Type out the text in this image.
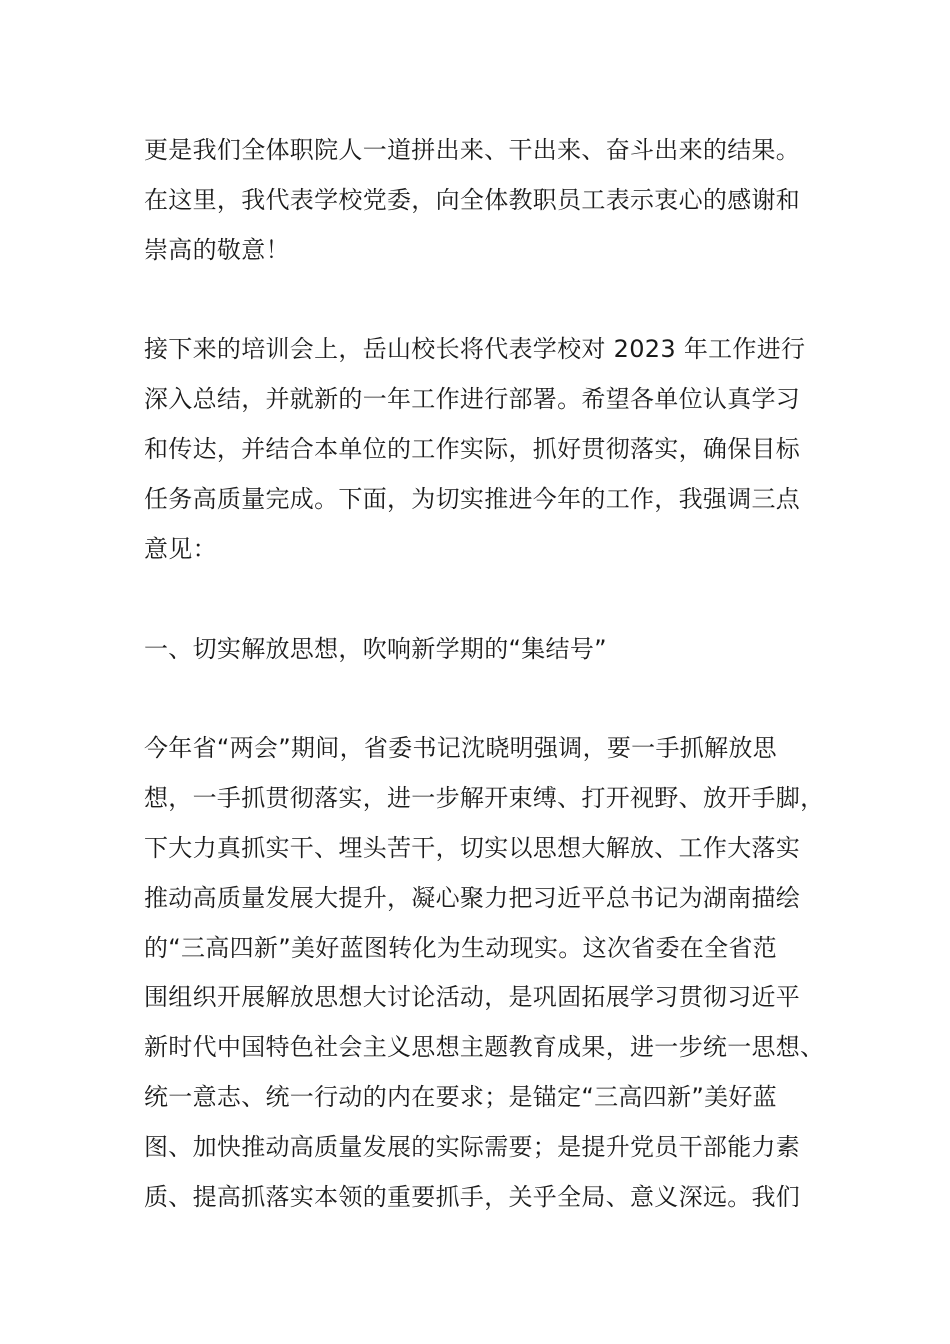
更是我们全体职院人一道拼出来、干出来、奋斗出来的结果。
在这里，我代表学校党委，向全体教职员工表示衷心的感谢和
崇高的敬意！
接下来的培训会上，岳山校长将代表学校对 2023 年工作进行
深入总结，并就新的一年工作进行部署。希望各单位认真学习
和传达，并结合本单位的工作实际，抓好贯彻落实，确保目标
任务高质量完成。下面，为切实推进今年的工作，我强调三点
意见：
一、切实解放思想，吹响新学期的“集结号”
今年省“两会”期间，省委书记沈晓明强调，要一手抓解放思
想，一手抓贯彻落实，进一步解开束缚、打开视野、放开手脚，
下大力真抓实干、埋头苦干，切实以思想大解放、工作大落实
推动高质量发展大提升，凝心聚力把习近平总书记为湖南描绘
的“三高四新”美好蓝图转化为生动现实。这次省委在全省范
围组织开展解放思想大讨论活动，是巩固拓展学习贯彻习近平
新时代中国特色社会主义思想主题教育成果，进一步统一思想、
统一意志、统一行动的内在要求；是锚定“三高四新”美好蓝
图、加快推动高质量发展的实际需要；是提升党员干部能力素
质、提高抓落实本领的重要抓手，关乎全局、意义深远。我们
